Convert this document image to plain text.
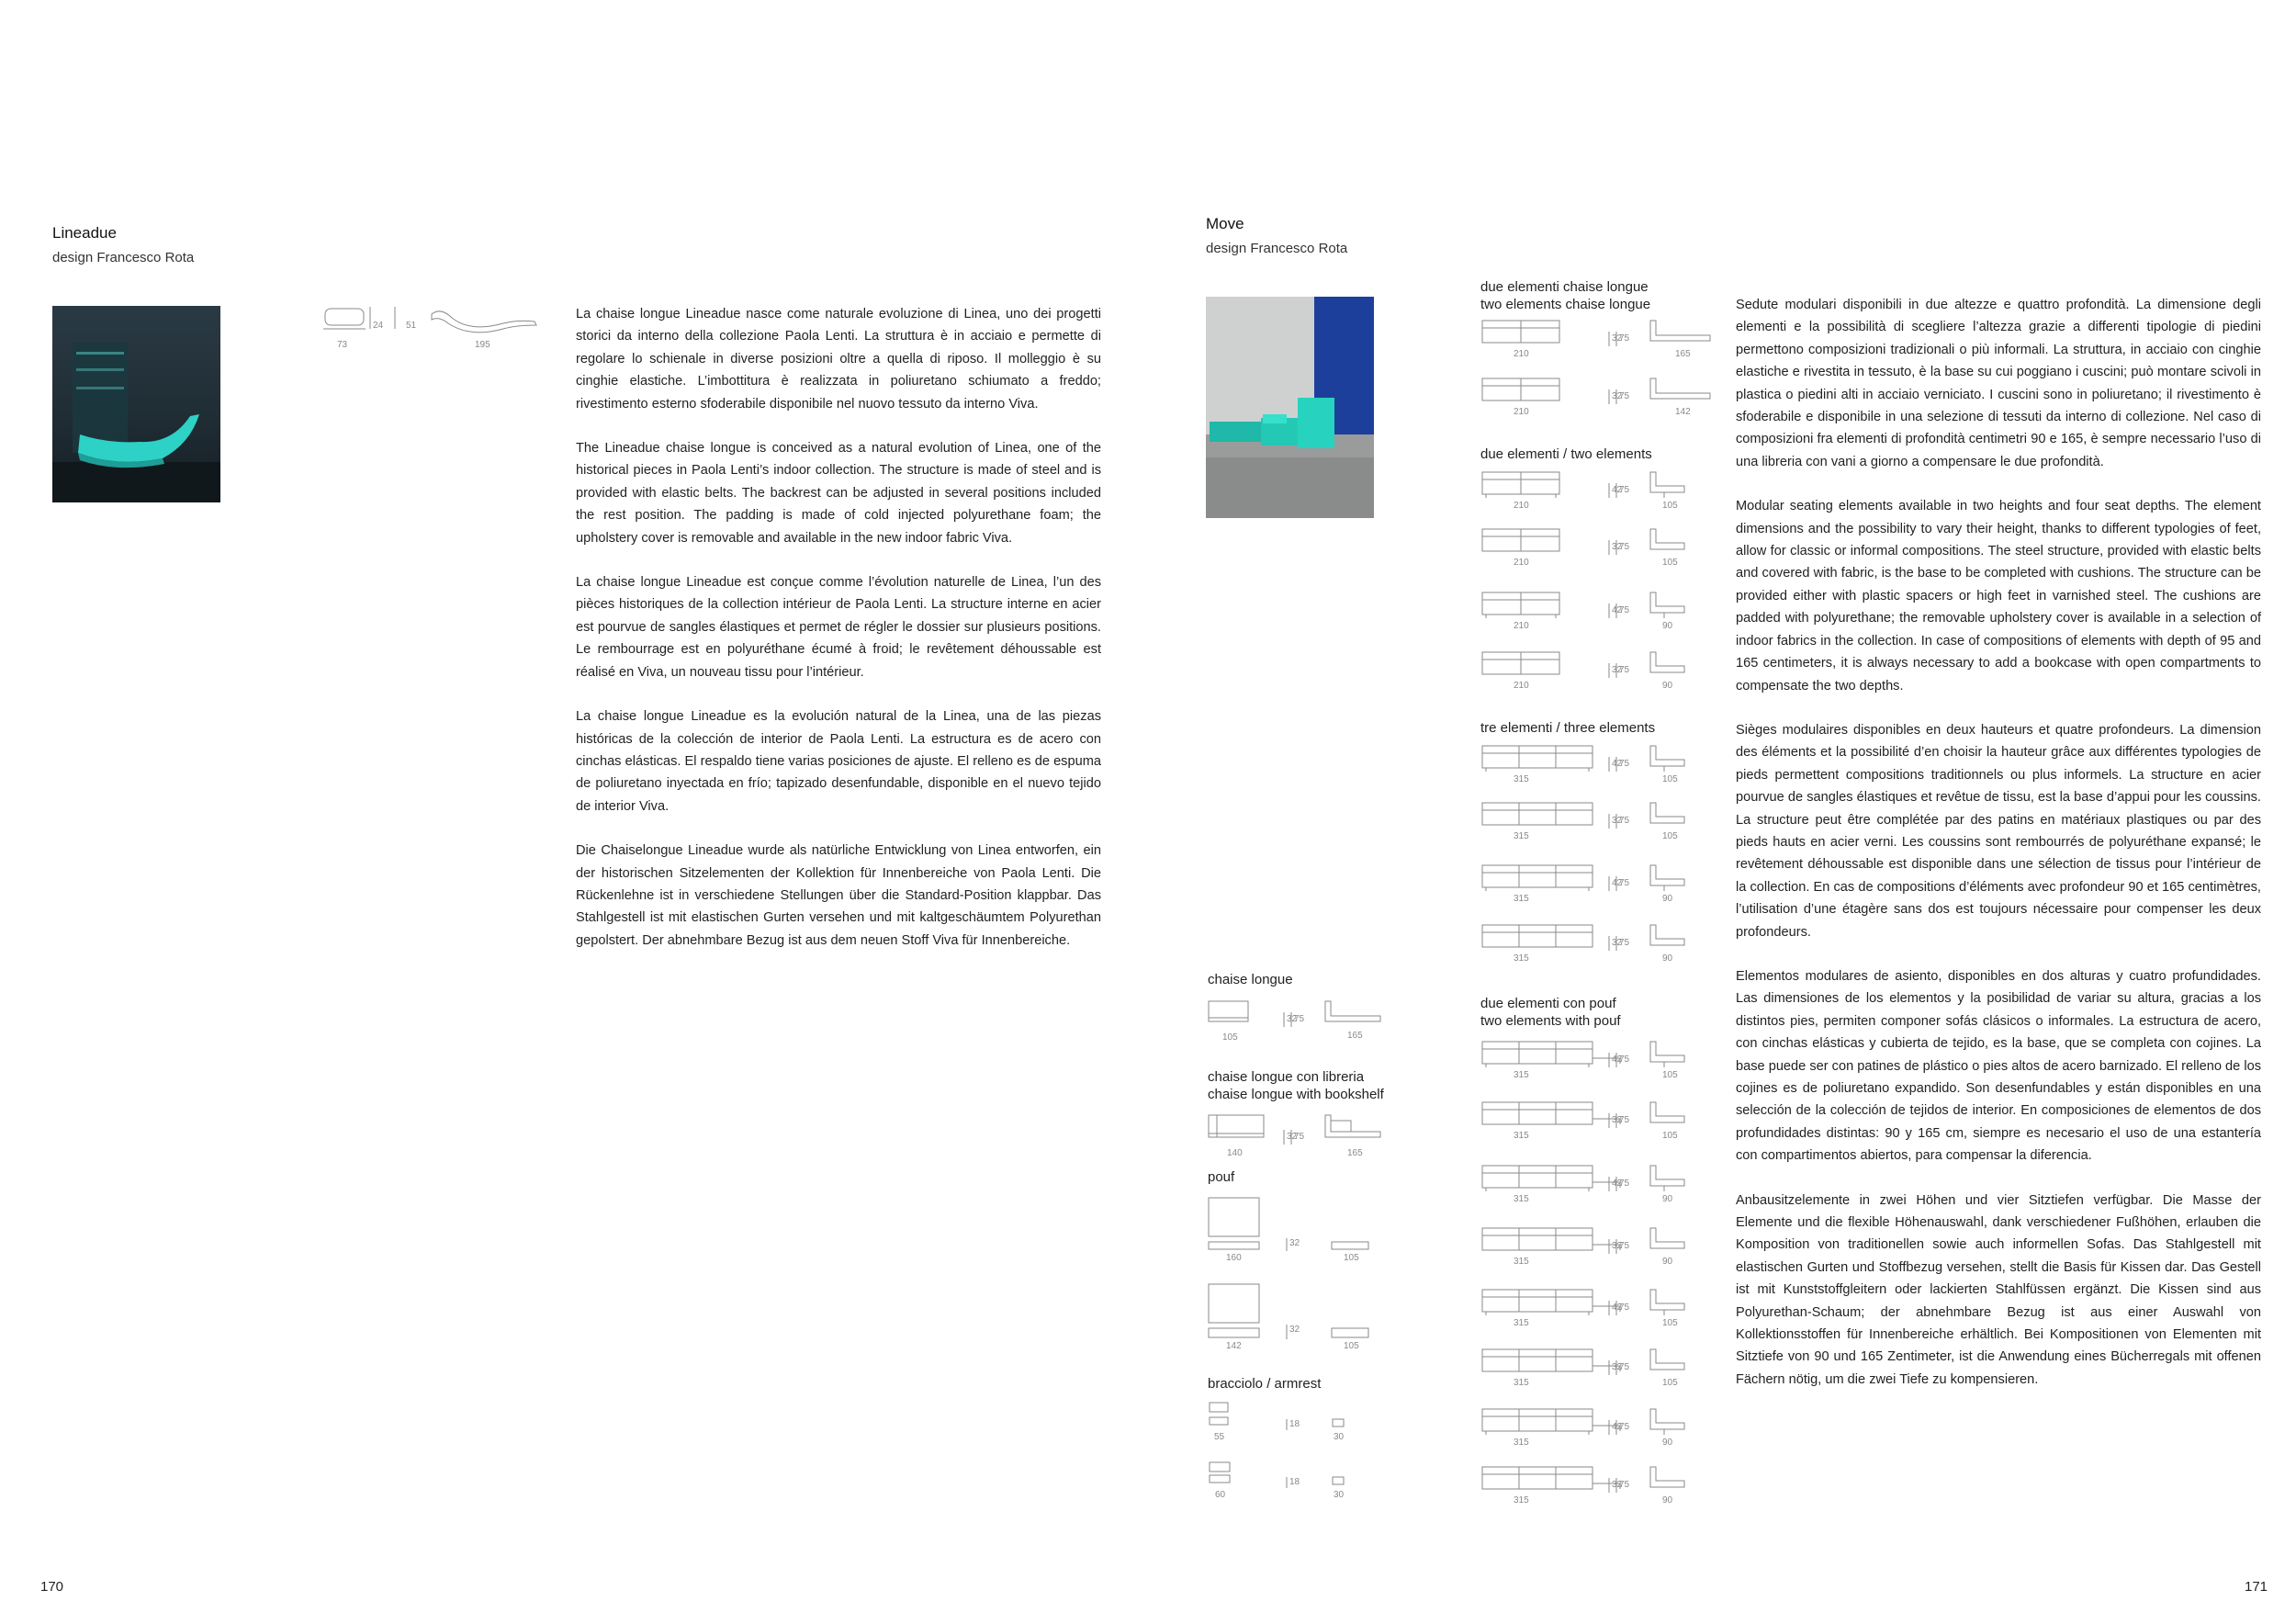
Lineadue
design Francesco Rota
73
24 51
195

La chaise longue Lineadue nasce come naturale evoluzione di Linea, uno dei progetti storici da interno della collezione Paola Lenti. La struttura è in acciaio e permette di regolare lo schienale in diverse posizioni oltre a quella di riposo. Il molleggio è su cinghie elastiche. L’imbottitura è realizzata in poliuretano schiumato a freddo; rivestimento esterno sfoderabile disponibile nel nuovo tessuto da interno Viva.

The Lineadue chaise longue is conceived as a natural evolution of Linea, one of the historical pieces in Paola Lenti’s indoor collection. The structure is made of steel and is provided with elastic belts. The backrest can be adjusted in several positions included the rest position. The padding is made of cold injected polyurethane foam; the upholstery cover is removable and available in the new indoor fabric Viva.

La chaise longue Lineadue est conçue comme l’évolution naturelle de Linea, l’un des pièces historiques de la collection intérieur de Paola Lenti. La structure interne en acier est pourvue de sangles élastiques et permet de régler le dossier sur plusieurs positions. Le rembourrage est en polyuréthane écumé à froid; le revêtement déhoussable est réalisé en Viva, un nouveau tissu pour l’intérieur.

La chaise longue Lineadue es la evolución natural de la Linea, una de las piezas históricas de la colección de interior de Paola Lenti. La estructura es de acero con cinchas elásticas. El respaldo tiene varias posiciones de ajuste. El relleno es de espuma de poliuretano inyectada en frío; tapizado desenfundable, disponible en el nuevo tejido de interior Viva.

Die Chaiselongue Lineadue wurde als natürliche Entwicklung von Linea entworfen, ein der historischen Sitzelementen der Kollektion für Innenbereiche von Paola Lenti. Die Rückenlehne ist in verschiedene Stellungen über die Standard-Position klappbar. Das Stahlgestell ist mit elastischen Gurten versehen und mit kaltgeschäumtem Polyurethan gepolstert. Der abnehmbare Bezug ist aus dem neuen Stoff Viva für Innenbereiche.

170
Move
design Francesco Rota
chaise longue
105
32
75
165
chaise longue con libreria
chaise longue with bookshelf
140
32
75
165
pouf
160
32
105
142
32
105
bracciolo / armrest
55
18
30
60
18
30
due elementi chaise longue
two elements chaise longue
due elementi / two elements
tre elementi / three elements
due elementi con pouf
two elements with pouf
210
32
75
165
210
32
75
142
210
42
75
105
210
32
75
105
210
42
75
90
210
32
75
90
315
42
75
105
315
32
75
105
315
42
75
90
315
32
75
90
315
42
75
105
315
32
75
105
315
42
75
90
315
32
75
90
315
42
75
105
315
32
75
105
315
42
75
90
315
32
75
90

Sedute modulari disponibili in due altezze e quattro profondità. La dimensione degli elementi e la possibilità di scegliere l’altezza grazie a differenti tipologie di piedini permettono composizioni tradizionali o più informali. La struttura, in acciaio con cinghie elastiche e rivestita in tessuto, è la base su cui poggiano i cuscini; può montare scivoli in plastica o piedini alti in acciaio verniciato. I cuscini sono in poliuretano; il rivestimento è sfoderabile e disponibile in una selezione di tessuti da interno di collezione. Nel caso di composizioni fra elementi di profondità centimetri 90 e 165, è sempre necessario l’uso di una libreria con vani a giorno a compensare le due profondità.

Modular seating elements available in two heights and four seat depths. The element dimensions and the possibility to vary their height, thanks to different typologies of feet, allow for classic or informal compositions. The steel structure, provided with elastic belts and covered with fabric, is the base to be completed with cushions. The structure can be provided either with plastic spacers or high feet in varnished steel. The cushions are padded with polyurethane; the removable upholstery cover is available in a selection of indoor fabrics in the collection. In case of compositions of elements with depth of 95 and 165 centimeters, it is always necessary to add a bookcase with open compartments to compensate the two depths.

Sièges modulaires disponibles en deux hauteurs et quatre profondeurs. La dimension des éléments et la possibilité d’en choisir la hauteur grâce aux différentes typologies de pieds permettent compositions traditionnels ou plus informels. La structure en acier pourvue de sangles élastiques et revêtue de tissu, est la base d’appui pour les coussins. La structure peut être complétée par des patins en matériaux plastiques ou par des pieds hauts en acier verni. Les coussins sont rembourrés de polyuréthane expansé; le revêtement déhoussable est disponible dans une sélection de tissus pour l’intérieur de la collection. En cas de compositions d’éléments avec profondeur 90 et 165 centimètres, l’utilisation d’une étagère sans dos est toujours nécessaire pour compenser les deux profondeurs.

Elementos modulares de asiento, disponibles en dos alturas y cuatro profundidades. Las dimensiones de los elementos y la posibilidad de variar su altura, gracias a los distintos pies, permiten componer sofás clásicos o informales. La estructura de acero, con cinchas elásticas y cubierta de tejido, es la base, que se completa con cojines. La base puede ser con patines de plástico o pies altos de acero barnizado. El relleno de los cojines es de poliuretano expandido. Son desenfundables y están disponibles en una selección de la colección de tejidos de interior. En composiciones de elementos de dos profundidades distintas: 90 y 165 cm, siempre es necesario el uso de una estantería con compartimentos abiertos, para compensar la diferencia.

Anbausitzelemente in zwei Höhen und vier Sitztiefen verfügbar. Die Masse der Elemente und die flexible Höhenauswahl, dank verschiedener Fußhöhen, erlauben die Komposition von traditionellen sowie auch informellen Sofas. Das Stahlgestell mit elastischen Gurten und Stoffbezug versehen, stellt die Basis für Kissen dar. Das Gestell ist mit Kunststoffgleitern oder lackierten Stahlfüssen ergänzt. Die Kissen sind aus Polyurethan-Schaum; der abnehmbare Bezug ist aus einer Auswahl von Kollektionsstoffen für Innenbereiche erhältlich. Bei Kompositionen von Elementen mit Sitztiefe von 90 und 165 Zentimeter, ist die Anwendung eines Bücherregals mit offenen Fächern nötig, um die zwei Tiefe zu kompensieren.

171
